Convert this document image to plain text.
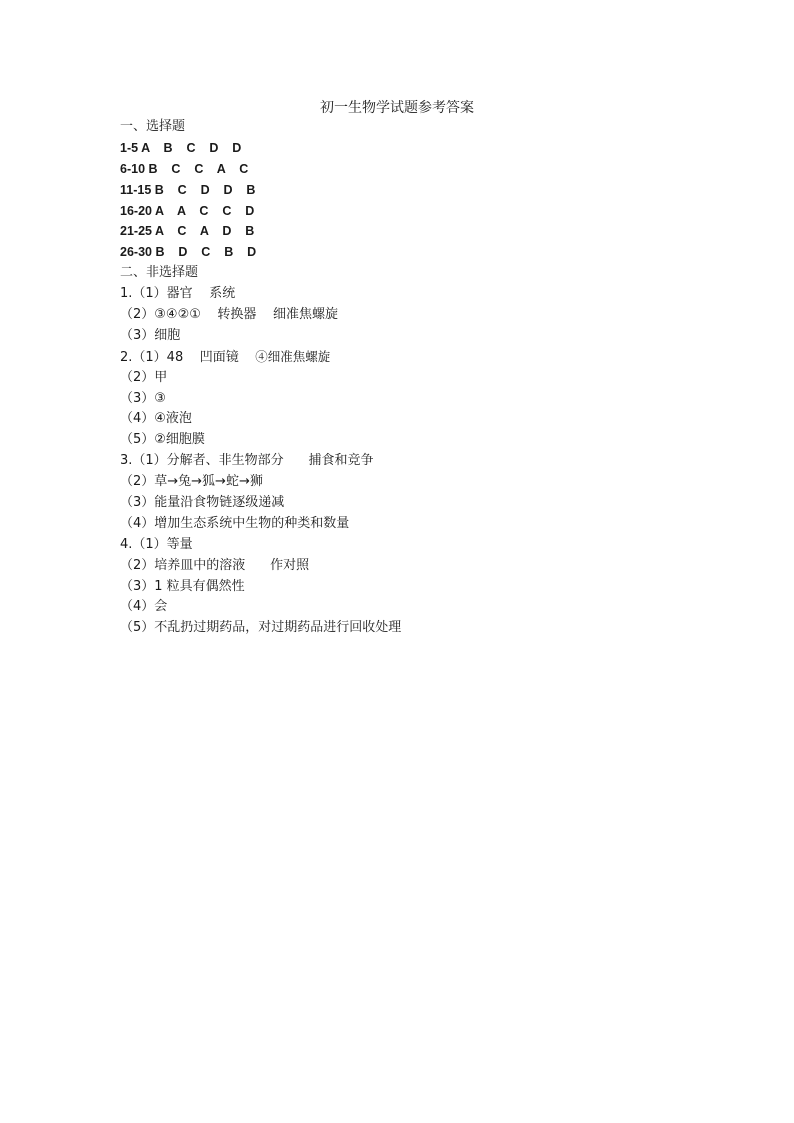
初一生物学试题参考答案
一、选择题
1-5 A    B    C    D    D
6-10 B    C    C    A    C
11-15 B    C    D    D    B
16-20 A    A    C    C    D
21-25 A    C    A    D    B
26-30 B    D    C    B    D
二、非选择题
1.（1）器官    系统
（2）③④②①    转换器    细准焦螺旋
（3）细胞
2.（1）48    凹面镜    ④细准焦螺旋
（2）甲
（3）③
（4）④液泡
（5）②细胞膜
3.（1）分解者、非生物部分      捕食和竞争
（2）草→兔→狐→蛇→狮
（3）能量沿食物链逐级递减
（4）增加生态系统中生物的种类和数量
4.（1）等量
（2）培养皿中的溶液      作对照
（3）1 粒具有偶然性
（4）会
（5）不乱扔过期药品，对过期药品进行回收处理
